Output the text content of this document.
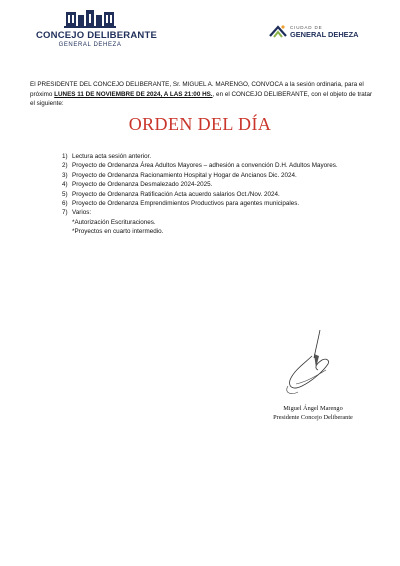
CONCEJO DELIBERANTE
GENERAL DEHEZA
CIUDAD DE
GENERAL DEHEZA
El PRESIDENTE DEL CONCEJO DELIBERANTE, Sr. MIGUEL A. MARENGO, CONVOCA a la sesión ordinaria, para el próximo LUNES 11 DE NOVIEMBRE DE 2024, A LAS 21:00 HS., en el CONCEJO DELIBERANTE, con el objeto de tratar el siguiente:
ORDEN DEL DÍA
1) Lectura acta sesión anterior.
2) Proyecto de Ordenanza Área Adultos Mayores – adhesión a convención D.H. Adultos Mayores.
3) Proyecto de Ordenanza Racionamiento Hospital y Hogar de Ancianos Dic. 2024.
4) Proyecto de Ordenanza Desmalezado 2024-2025.
5) Proyecto de Ordenanza Ratificación Acta acuerdo salarios Oct./Nov. 2024.
6) Proyecto de Ordenanza Emprendimientos Productivos para agentes municipales.
7) Varios:
*Autorización Escrituraciones.
*Proyectos en cuarto intermedio.
Miguel Ángel Marengo
Presidente Concejo Deliberante
